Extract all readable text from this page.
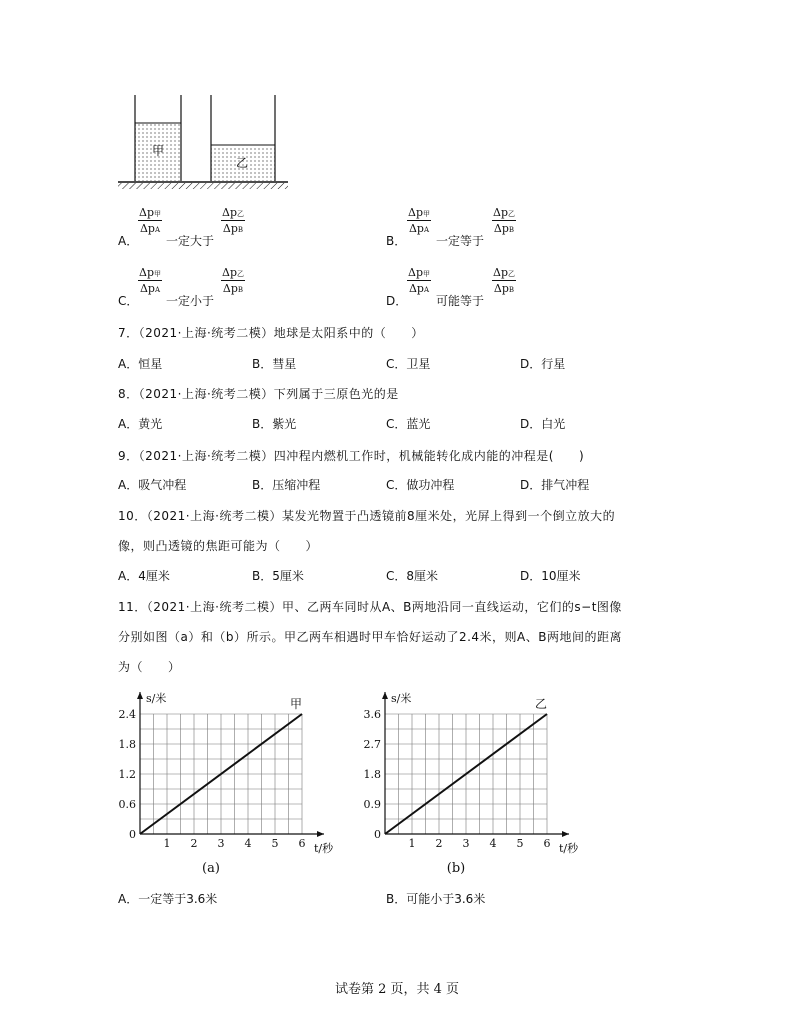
甲
乙
A．
Δp甲
ΔpA
一定大于
Δp乙
ΔpB
B．
Δp甲
ΔpA
一定等于
Δp乙
ΔpB
C．
Δp甲
ΔpA
一定小于
Δp乙
ΔpB
D．
Δp甲
ΔpA
可能等于
Δp乙
ΔpB
7．（2021·上海·统考二模）地球是太阳系中的（　　）
A．恒星	B．彗星	C．卫星	D．行星
8．（2021·上海·统考二模）下列属于三原色光的是
A．黄光	B．紫光	C．蓝光	D．白光
9．（2021·上海·统考二模）四冲程内燃机工作时，机械能转化成内能的冲程是(　　)
A．吸气冲程	B．压缩冲程	C．做功冲程	D．排气冲程
10．（2021·上海·统考二模）某发光物置于凸透镜前8厘米处，光屏上得到一个倒立放大的
像，则凸透镜的焦距可能为（　　）
A．4厘米	B．5厘米	C．8厘米	D．10厘米
11．（2021·上海·统考二模）甲、乙两车同时从A、B两地沿同一直线运动，它们的s−t图像
分别如图（a）和（b）所示。甲乙两车相遇时甲车恰好运动了2.4米，则A、B两地间的距离
为（　　）
1 2 3 4 5 6
0
0.6
1.2
1.8
2.4
t/秒
s/米	甲
(a)
1 2 3 4 5 6
0
0.9
1.8
2.7
3.6
t/秒
s/米	乙
(b)
A．一定等于3.6米	B．可能小于3.6米
试卷第 2 页，共 4 页
